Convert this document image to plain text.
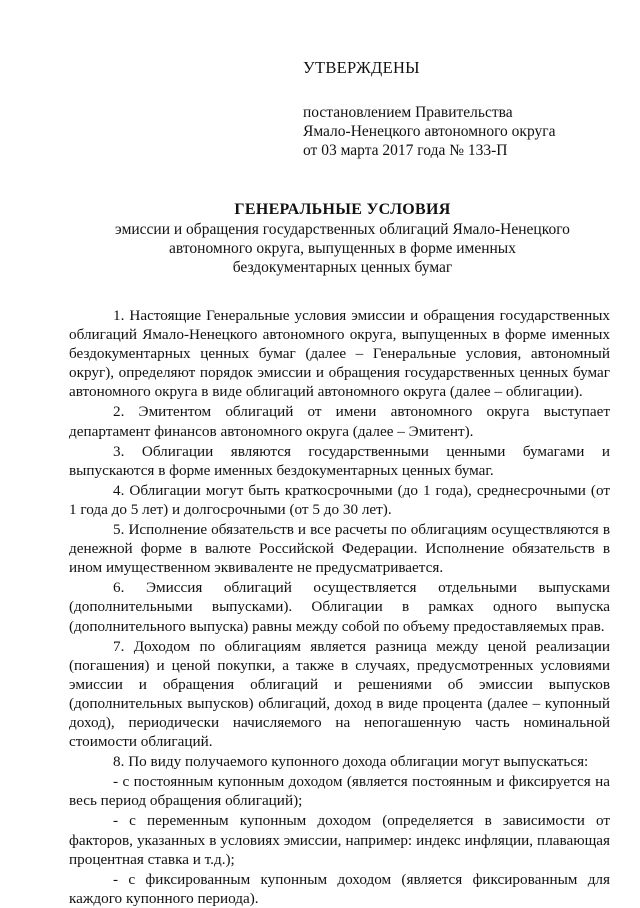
УТВЕРЖДЕНЫ
постановлением Правительства
Ямало-Ненецкого автономного округа
от 03 марта 2017 года № 133-П
ГЕНЕРАЛЬНЫЕ УСЛОВИЯ
эмиссии и обращения государственных облигаций Ямало-Ненецкого
автономного округа, выпущенных в форме именных
бездокументарных ценных бумаг

1. Настоящие Генеральные условия эмиссии и обращения государственных облигаций Ямало-Ненецкого автономного округа, выпущенных в форме именных бездокументарных ценных бумаг (далее – Генеральные условия, автономный округ), определяют порядок эмиссии и обращения государственных ценных бумаг автономного округа в виде облигаций автономного округа (далее – облигации).

2. Эмитентом облигаций от имени автономного округа выступает департамент финансов автономного округа (далее – Эмитент).

3. Облигации являются государственными ценными бумагами и выпускаются в форме именных бездокументарных ценных бумаг.

4. Облигации могут быть краткосрочными (до 1 года), среднесрочными (от 1 года до 5 лет) и долгосрочными (от 5 до 30 лет).

5. Исполнение обязательств и все расчеты по облигациям осуществляются в денежной форме в валюте Российской Федерации. Исполнение обязательств в ином имущественном эквиваленте не предусматривается.

6. Эмиссия облигаций осуществляется отдельными выпусками (дополнительными выпусками). Облигации в рамках одного выпуска (дополнительного выпуска) равны между собой по объему предоставляемых прав.

7. Доходом по облигациям является разница между ценой реализации (погашения) и ценой покупки, а также в случаях, предусмотренных условиями эмиссии и обращения облигаций и решениями об эмиссии выпусков (дополнительных выпусков) облигаций, доход в виде процента (далее – купонный доход), периодически начисляемого на непогашенную часть номинальной стоимости облигаций.

8. По виду получаемого купонного дохода облигации могут выпускаться:

- с постоянным купонным доходом (является постоянным и фиксируется на весь период обращения облигаций);

- с переменным купонным доходом (определяется в зависимости от факторов, указанных в условиях эмиссии, например: индекс инфляции, плавающая процентная ставка и т.д.);

- с фиксированным купонным доходом (является фиксированным для каждого купонного периода).
